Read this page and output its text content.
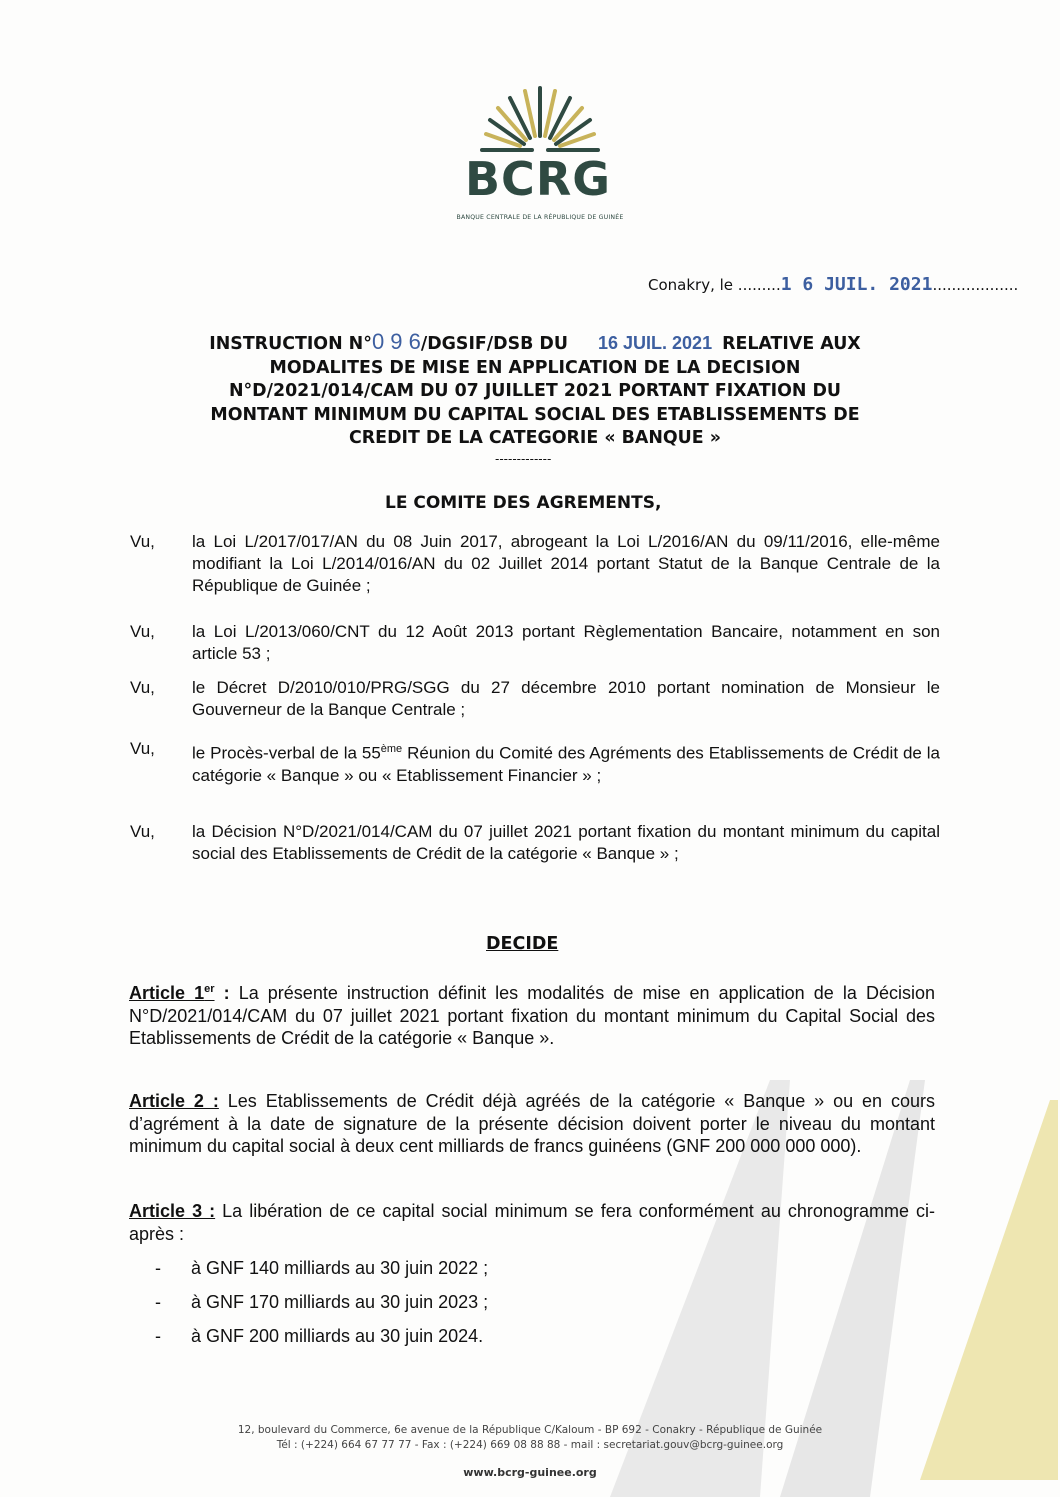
BCRG
BANQUE CENTRALE DE LA RÉPUBLIQUE DE GUINÉE
Conakry, le .........1 6 JUIL. 2021..................
INSTRUCTION N°0 9 6/DGSIF/DSB DU 16 JUIL. 2021 RELATIVE AUX
MODALITES DE MISE EN APPLICATION DE LA DECISION
N°D/2021/014/CAM DU 07 JUILLET 2021 PORTANT FIXATION DU
MONTANT MINIMUM DU CAPITAL SOCIAL DES ETABLISSEMENTS DE
CREDIT DE LA CATEGORIE « BANQUE »
-------------
LE COMITE DES AGREMENTS,
Vu, la Loi L/2017/017/AN du 08 Juin 2017, abrogeant la Loi L/2016/AN du 09/11/2016, elle-même modifiant la Loi L/2014/016/AN du 02 Juillet 2014 portant Statut de la Banque Centrale de la République de Guinée ;
Vu, la Loi L/2013/060/CNT du 12 Août 2013 portant Règlementation Bancaire, notamment en son article 53 ;
Vu, le Décret D/2010/010/PRG/SGG du 27 décembre 2010 portant nomination de Monsieur le Gouverneur de la Banque Centrale ;
Vu, le Procès-verbal de la 55ème Réunion du Comité des Agréments des Etablissements de Crédit de la catégorie « Banque » ou « Etablissement Financier » ;
Vu, la Décision N°D/2021/014/CAM du 07 juillet 2021 portant fixation du montant minimum du capital social des Etablissements de Crédit de la catégorie « Banque » ;
DECIDE
Article 1er : La présente instruction définit les modalités de mise en application de la Décision N°D/2021/014/CAM du 07 juillet 2021 portant fixation du montant minimum du Capital Social des Etablissements de Crédit de la catégorie « Banque ».
Article 2 : Les Etablissements de Crédit déjà agréés de la catégorie « Banque » ou en cours d’agrément à la date de signature de la présente décision doivent porter le niveau du montant minimum du capital social à deux cent milliards de francs guinéens (GNF 200 000 000 000).
Article 3 : La libération de ce capital social minimum se fera conformément au chronogramme ci-après :
- à GNF 140 milliards au 30 juin 2022 ;
- à GNF 170 milliards au 30 juin 2023 ;
- à GNF 200 milliards au 30 juin 2024.
12, boulevard du Commerce, 6e avenue de la République C/Kaloum - BP 692 - Conakry - République de Guinée
Tél : (+224) 664 67 77 77 - Fax : (+224) 669 08 88 88 - mail : secretariat.gouv@bcrg-guinee.org
www.bcrg-guinee.org
